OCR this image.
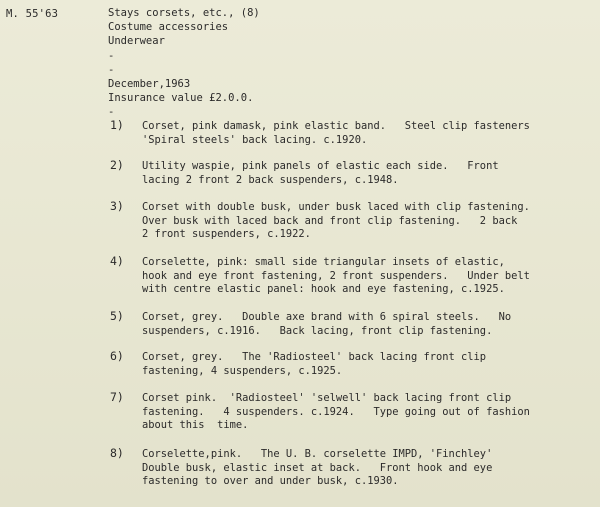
M. 55'63	Stays corsets, etc., (8)
Costume accessories
Underwear
-
-
December,1963
Insurance value £2.0.0.
-
1) Corset, pink damask, pink elastic band.   Steel clip fasteners
'Spiral steels' back lacing. c.1920.
2) Utility waspie, pink panels of elastic each side.   Front
lacing 2 front 2 back suspenders, c.1948.
3) Corset with double busk, under busk laced with clip fastening.
Over busk with laced back and front clip fastening.   2 back
2 front suspenders, c.1922.
4) Corselette, pink: small side triangular insets of elastic,
hook and eye front fastening, 2 front suspenders.   Under belt
with centre elastic panel: hook and eye fastening, c.1925.
5) Corset, grey.   Double axe brand with 6 spiral steels.   No
suspenders, c.1916.   Back lacing, front clip fastening.
6) Corset, grey.   The 'Radiosteel' back lacing front clip
fastening, 4 suspenders, c.1925.
7) Corset pink.  'Radiosteel' 'selwell' back lacing front clip
fastening.   4 suspenders. c.1924.   Type going out of fashion
about this  time.
8) Corselette,pink.   The U. B. corselette IMPD, 'Finchley'
Double busk, elastic inset at back.   Front hook and eye
fastening to over and under busk, c.1930.
